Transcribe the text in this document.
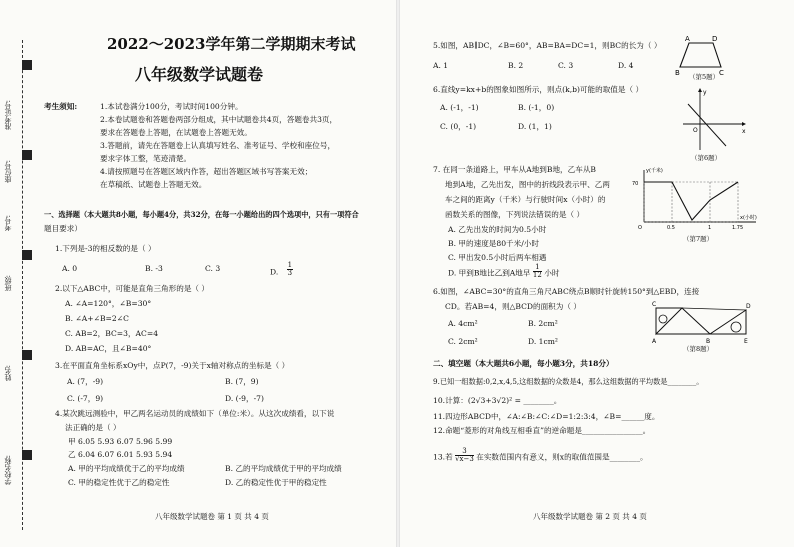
准考证号:
座位号:
考号:
班级:
姓名:
学校名称:
2022～2023学年第二学期期末考试
八年级数学试题卷
考生须知:	1.本试卷满分100分，考试时间100分钟。
2.本卷试题卷和答题卷两部分组成，其中试题卷共4页，答题卷共3页，
要求在答题卷上答题，在试题卷上答题无效。
3.答题前，请先在答题卷上认真填写姓名、准考证号、学校和座位号，
要求字体工整，笔迹清楚。
4.请按照题号在答题区域内作答，超出答题区域书写答案无效；
在草稿纸、试题卷上答题无效。
一、选择题（本大题共8小题，每小题4分，共32分，在每一小题给出的四个选项中，只有一项符合
题目要求）
1.下列是-3的相反数的是（ ）
A. 0	B. -3	C. 3	D. $\frac{1}{3}$
2.以下△ABC中，可能是直角三角形的是（ ）
A. ∠A=120°，∠B=30°
B. ∠A+∠B=2∠C
C. AB=2，BC=3，AC=4
D. AB=AC，且∠B=40°
3.在平面直角坐标系xOy中，点P(7，-9)关于x轴对称点的坐标是（ ）
A. (7，-9)	B. (7，9)
C. (-7，9)	D. (-9，-7)
4.某次跳远测验中，甲乙两名运动员的成绩如下（单位:米）。从这次成绩看，以下说
法正确的是（ ）
甲 6.05 5.93 6.07 5.96 5.99
乙 6.04 6.07 6.01 5.93 5.94
A. 甲的平均成绩优于乙的平均成绩	B. 乙的平均成绩优于甲的平均成绩
C. 甲的稳定性优于乙的稳定性	D. 乙的稳定性优于甲的稳定性
八年级数学试题卷 第 1 页 共 4 页
5.如图，AB∥DC，∠B=60°，AB=BA=DC=1，则BC的长为（ ）
A. 1	B. 2	C. 3	D. 4
A	D
B	C
（第5题）
6.直线y=kx+b的图象如图所示，则点(k,b)可能的取值是（ ）
A. (-1，-1)	B. (-1，0)
C. (0，-1)	D. (1，1)
y
x
O
（第6题）
7. 在同一条道路上，甲车从A地到B地，乙车从B
地到A地，乙先出发，图中的折线段表示甲、乙两
车之间的距离y（千米）与行驶时间x（小时）的
函数关系的图像，下列说法错误的是（ ）
A. 乙先出发的时间为0.5小时
B. 甲的速度是80千米/小时
C. 甲出发0.5小时后两车相遇
D. 甲到B地比乙到A地早 $\frac{1}{12}$ 小时
y(千米)
x(小时)
O
70
0.5	1	1.75
（第7题）
6.如图，∠ABC=30°的直角三角尺ABC绕点B顺时针旋转150°到△EBD，连接
CD。若AB=4，则△BCD的面积为（ ）
A. 4cm²	B. 2cm²
C. 2cm²	D. 1cm²
C	D
A	B	E
（第8题）
二、填空题（本大题共6小题，每小题3分，共18分）
9.已知一组数据:0,2,x,4,5,这组数据的众数是4，那么这组数据的平均数是________。
10.计算：(2√3+3√2)² = ________。
11.四边形ABCD中，∠A:∠B:∠C:∠D=1:2:3:4，∠B=______度。
12.命题“菱形的对角线互相垂直”的逆命题是________________。
13.若 $\frac{3}{√x-3}$ 在实数范围内有意义，则x的取值范围是________。
八年级数学试题卷 第 2 页 共 4 页
